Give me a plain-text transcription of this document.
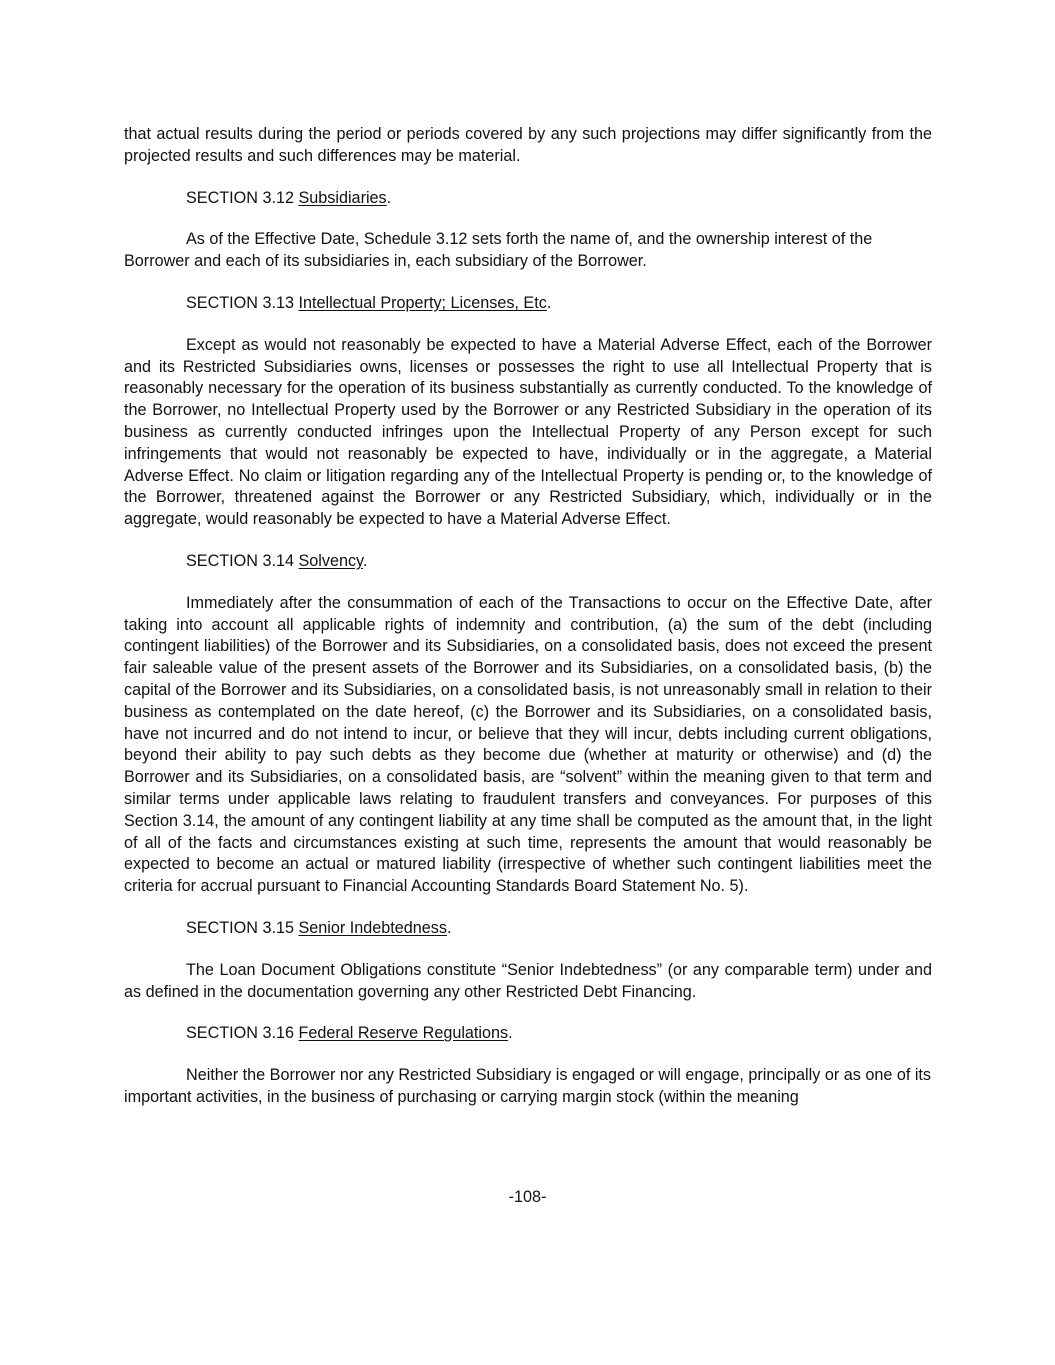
that actual results during the period or periods covered by any such projections may differ significantly from the projected results and such differences may be material.

SECTION 3.12 Subsidiaries.

As of the Effective Date, Schedule 3.12 sets forth the name of, and the ownership interest of the Borrower and each of its subsidiaries in, each subsidiary of the Borrower.

SECTION 3.13 Intellectual Property; Licenses, Etc.

Except as would not reasonably be expected to have a Material Adverse Effect, each of the Borrower and its Restricted Subsidiaries owns, licenses or possesses the right to use all Intellectual Property that is reasonably necessary for the operation of its business substantially as currently conducted. To the knowledge of the Borrower, no Intellectual Property used by the Borrower or any Restricted Subsidiary in the operation of its business as currently conducted infringes upon the Intellectual Property of any Person except for such infringements that would not reasonably be expected to have, individually or in the aggregate, a Material Adverse Effect. No claim or litigation regarding any of the Intellectual Property is pending or, to the knowledge of the Borrower, threatened against the Borrower or any Restricted Subsidiary, which, individually or in the aggregate, would reasonably be expected to have a Material Adverse Effect.

SECTION 3.14 Solvency.

Immediately after the consummation of each of the Transactions to occur on the Effective Date, after taking into account all applicable rights of indemnity and contribution, (a) the sum of the debt (including contingent liabilities) of the Borrower and its Subsidiaries, on a consolidated basis, does not exceed the present fair saleable value of the present assets of the Borrower and its Subsidiaries, on a consolidated basis, (b) the capital of the Borrower and its Subsidiaries, on a consolidated basis, is not unreasonably small in relation to their business as contemplated on the date hereof, (c) the Borrower and its Subsidiaries, on a consolidated basis, have not incurred and do not intend to incur, or believe that they will incur, debts including current obligations, beyond their ability to pay such debts as they become due (whether at maturity or otherwise) and (d) the Borrower and its Subsidiaries, on a consolidated basis, are “solvent” within the meaning given to that term and similar terms under applicable laws relating to fraudulent transfers and conveyances. For purposes of this Section 3.14, the amount of any contingent liability at any time shall be computed as the amount that, in the light of all of the facts and circumstances existing at such time, represents the amount that would reasonably be expected to become an actual or matured liability (irrespective of whether such contingent liabilities meet the criteria for accrual pursuant to Financial Accounting Standards Board Statement No. 5).

SECTION 3.15 Senior Indebtedness.

The Loan Document Obligations constitute “Senior Indebtedness” (or any comparable term) under and as defined in the documentation governing any other Restricted Debt Financing.

SECTION 3.16 Federal Reserve Regulations.

Neither the Borrower nor any Restricted Subsidiary is engaged or will engage, principally or as one of its important activities, in the business of purchasing or carrying margin stock (within the meaning

-108-
